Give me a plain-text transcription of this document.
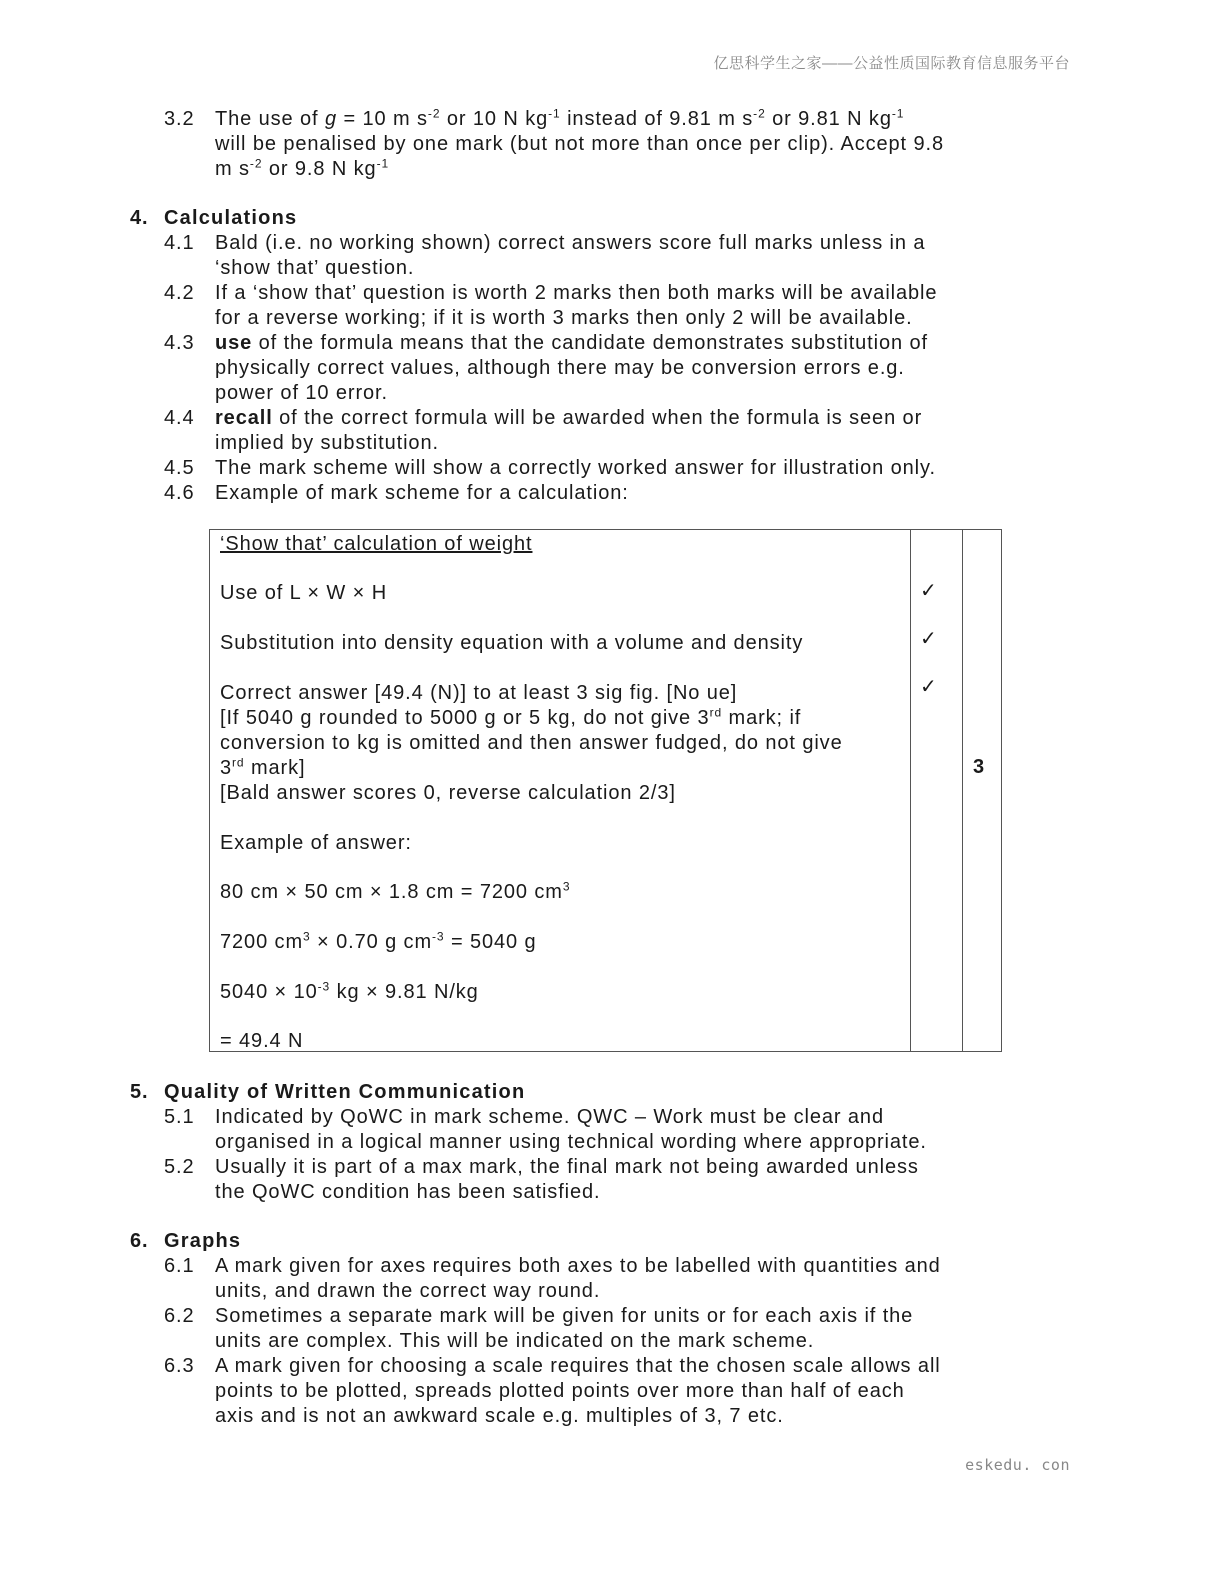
亿思科学生之家——公益性质国际教育信息服务平台
3.2 The use of g = 10 m $s^{-2}$ or 10 N $kg^{-1}$ instead of 9.81 m $s^{-2}$ or 9.81 N $kg^{-1}$
will be penalised by one mark (but not more than once per clip). Accept 9.8
m $s^{-2}$ or 9.8 N $kg^{-1}$
4. Calculations
4.1 Bald (i.e. no working shown) correct answers score full marks unless in a
‘show that’ question.
4.2 If a ‘show that’ question is worth 2 marks then both marks will be available
for a reverse working; if it is worth 3 marks then only 2 will be available.
4.3 use of the formula means that the candidate demonstrates substitution of
physically correct values, although there may be conversion errors e.g.
power of 10 error.
4.4 recall of the correct formula will be awarded when the formula is seen or
implied by substitution.
4.5 The mark scheme will show a correctly worked answer for illustration only.
4.6 Example of mark scheme for a calculation:
‘Show that’ calculation of weight
Use of L × W × H
Substitution into density equation with a volume and density
Correct answer [49.4 (N)] to at least 3 sig fig. [No ue]
[If 5040 g rounded to 5000 g or 5 kg, do not give 3rd mark; if
conversion to kg is omitted and then answer fudged, do not give
3rd mark]
[Bald answer scores 0, reverse calculation 2/3]
Example of answer:
80 cm × 50 cm × 1.8 cm = 7200 $cm^3$
7200 $cm^3 \times 0.70$ g $cm^{-3} = 5040$ g
$5040 \times 10^{-3}$ kg × 9.81 N/kg
= 49.4 N
✓
✓
✓
3
5. Quality of Written Communication
5.1 Indicated by QoWC in mark scheme. QWC – Work must be clear and
organised in a logical manner using technical wording where appropriate.
5.2 Usually it is part of a max mark, the final mark not being awarded unless
the QoWC condition has been satisfied.
6. Graphs
6.1 A mark given for axes requires both axes to be labelled with quantities and
units, and drawn the correct way round.
6.2 Sometimes a separate mark will be given for units or for each axis if the
units are complex. This will be indicated on the mark scheme.
6.3 A mark given for choosing a scale requires that the chosen scale allows all
points to be plotted, spreads plotted points over more than half of each
axis and is not an awkward scale e.g. multiples of 3, 7 etc.
eskedu. con
